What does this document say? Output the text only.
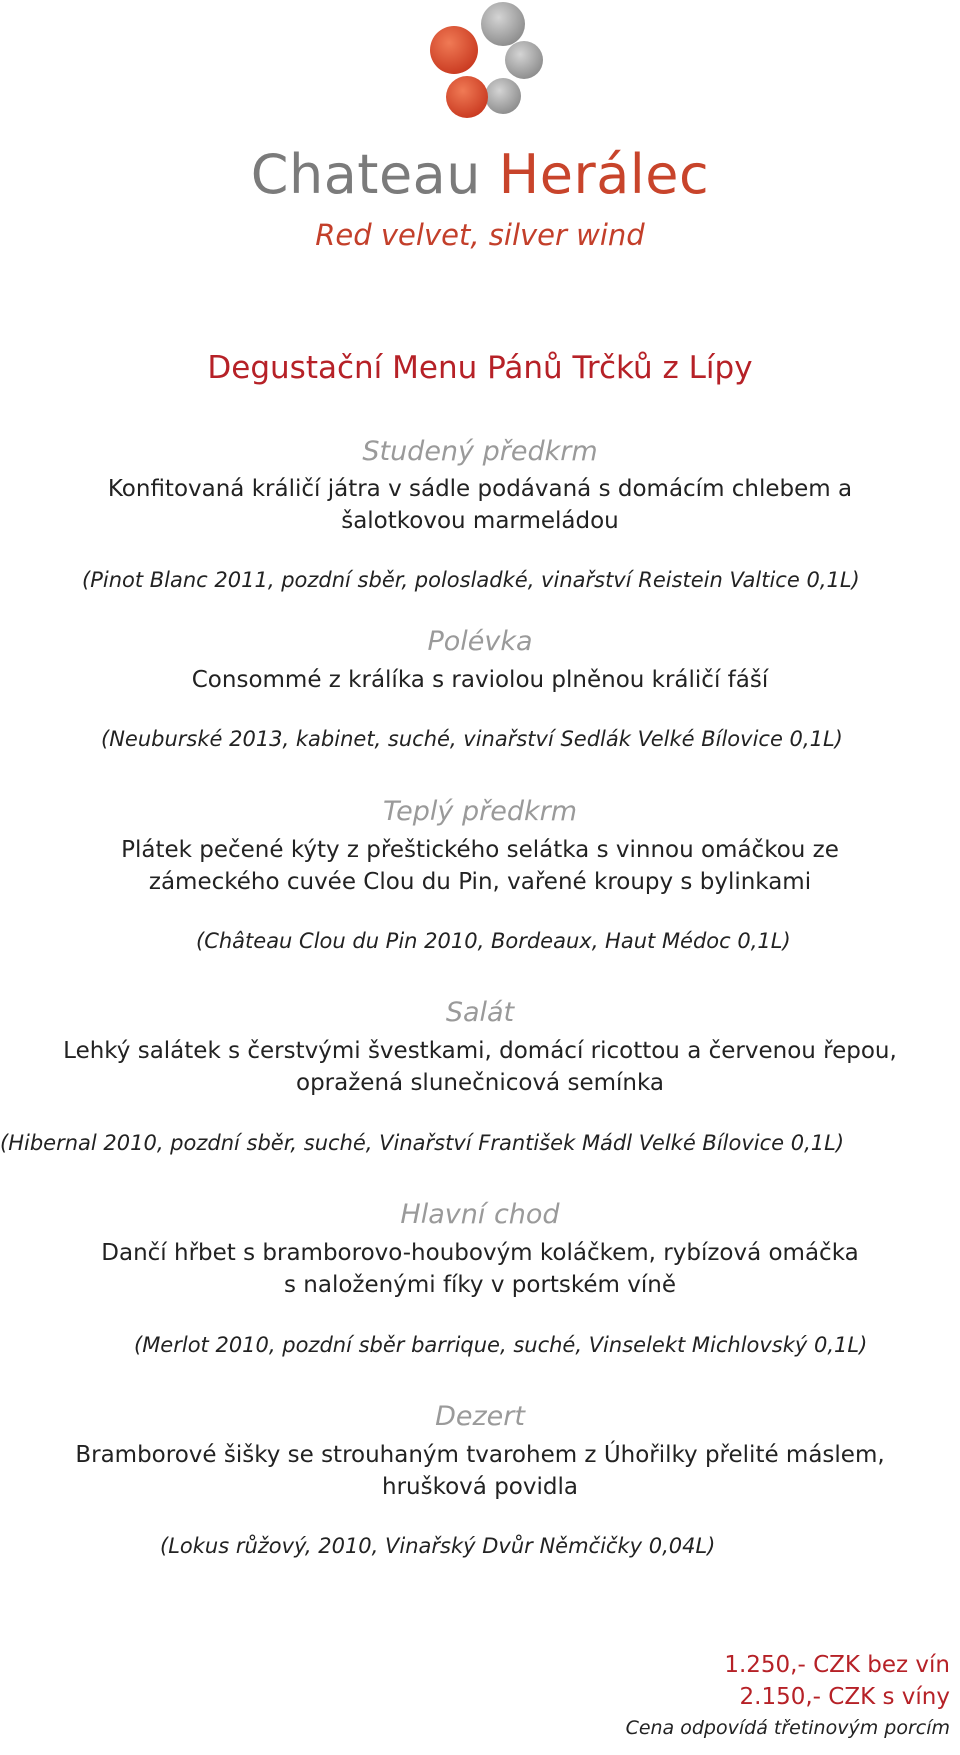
Chateau Herálec
Red velvet, silver wind
Degustační Menu Pánů Trčků z Lípy
Studený předkrm
Konfitovaná králičí játra v sádle podávaná s domácím chlebem a
šalotkovou marmeládou
(Pinot Blanc 2011, pozdní sběr, polosladké, vinařství Reistein Valtice 0,1L)
Polévka
Consommé z králíka s raviolou plněnou králičí fáší
(Neuburské 2013, kabinet, suché, vinařství Sedlák Velké Bílovice 0,1L)
Teplý předkrm
Plátek pečené kýty z přeštického selátka s vinnou omáčkou ze
zámeckého cuvée Clou du Pin, vařené kroupy s bylinkami
(Château Clou du Pin 2010, Bordeaux, Haut Médoc 0,1L)
Salát
Lehký salátek s čerstvými švestkami, domácí ricottou a červenou řepou,
opražená slunečnicová semínka
(Hibernal 2010, pozdní sběr, suché, Vinařství František Mádl Velké Bílovice 0,1L)
Hlavní chod
Dančí hřbet s bramborovo-houbovým koláčkem, rybízová omáčka
s naloženými fíky v portském víně
(Merlot 2010, pozdní sběr barrique, suché, Vinselekt Michlovský 0,1L)
Dezert
Bramborové šišky se strouhaným tvarohem z Úhořilky přelité máslem,
hrušková povidla
(Lokus růžový, 2010, Vinařský Dvůr Němčičky 0,04L)
1.250,- CZK bez vín
2.150,- CZK s víny
Cena odpovídá třetinovým porcím
